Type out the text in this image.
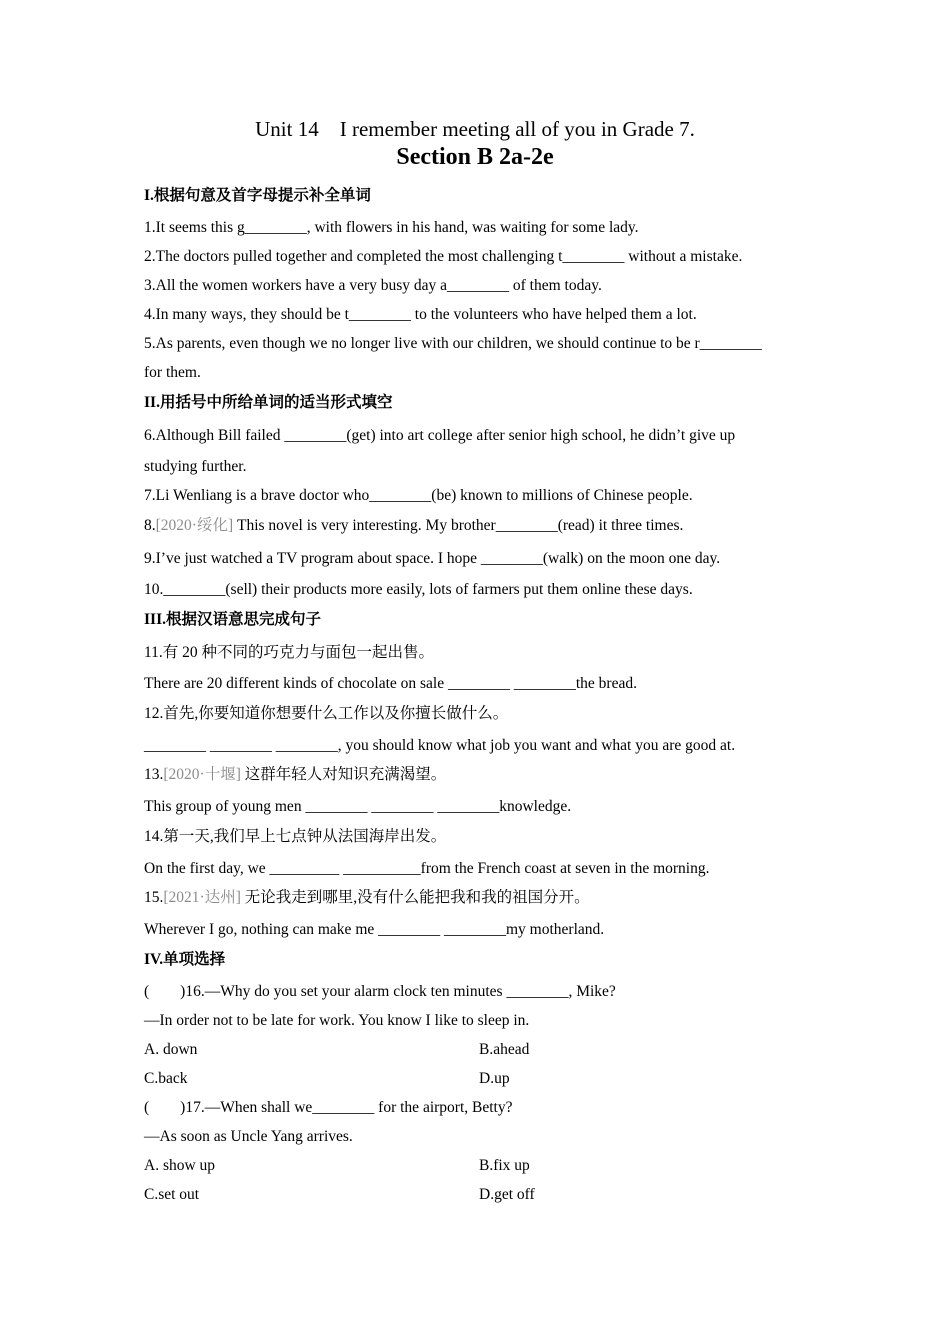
Unit 14　I remember meeting all of you in Grade 7.
Section B 2a-2e
I.根据句意及首字母提示补全单词
1.It seems this g________, with flowers in his hand, was waiting for some lady.
2.The doctors pulled together and completed the most challenging t________ without a mistake.
3.All the women workers have a very busy day a________ of them today.
4.In many ways, they should be t________ to the volunteers who have helped them a lot.
5.As parents, even though we no longer live with our children, we should continue to be r________
for them.
II.用括号中所给单词的适当形式填空
6.Although Bill failed ________(get) into art college after senior high school, he didn’t give up
studying further.
7.Li Wenliang is a brave doctor who________(be) known to millions of Chinese people.
8.[2020·绥化] This novel is very interesting. My brother________(read) it three times.
9.I’ve just watched a TV program about space. I hope ________(walk) on the moon one day.
10.________(sell) their products more easily, lots of farmers put them online these days.
III.根据汉语意思完成句子
11.有 20 种不同的巧克力与面包一起出售。
There are 20 different kinds of chocolate on sale ________ ________the bread.
12.首先,你要知道你想要什么工作以及你擅长做什么。
________ ________ ________, you should know what job you want and what you are good at.
13.[2020·十堰] 这群年轻人对知识充满渴望。
This group of young men ________ ________ ________knowledge.
14.第一天,我们早上七点钟从法国海岸出发。
On the first day, we _________ __________from the French coast at seven in the morning.
15.[2021·达州] 无论我走到哪里,没有什么能把我和我的祖国分开。
Wherever I go, nothing can make me ________ ________my motherland.
IV.单项选择
(　　)16.—Why do you set your alarm clock ten minutes ________, Mike?
—In order not to be late for work. You know I like to sleep in.
A. down	B.ahead
C.back	D.up
(　　)17.—When shall we________ for the airport, Betty?
—As soon as Uncle Yang arrives.
A. show up	B.fix up
C.set out	D.get off
